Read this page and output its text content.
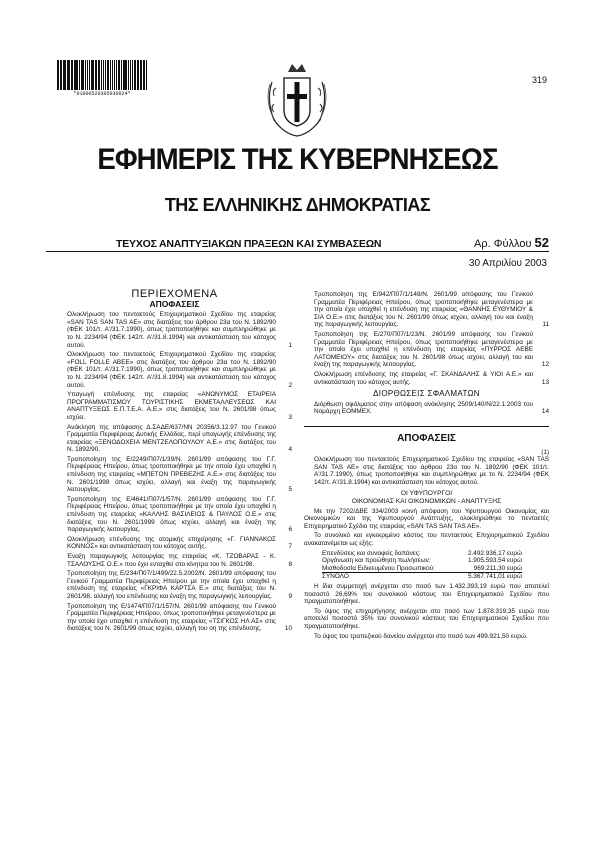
*01000520305030024*
319
ΕΦΗΜΕΡΙΣ ΤΗΣ ΚΥΒΕΡΝΗΣΕΩΣ
ΤΗΣ ΕΛΛΗΝΙΚΗΣ ΔΗΜΟΚΡΑΤΙΑΣ
ΤΕΥΧΟΣ ΑΝΑΠΤΥΞΙΑΚΩΝ ΠΡΑΞΕΩΝ ΚΑΙ ΣΥΜΒΑΣΕΩΝ	Αρ. Φύλλου 52
30 Απριλίου 2003
ΠΕΡΙΕΧΟΜΕΝΑ
ΑΠΟΦΑΣΕΙΣ
Ολοκλήρωση του πενταετούς Επιχειρηματικού Σχεδίου της εταιρείας «SAN TAS SAN TAS AE» στις διατάξεις του άρθρου 23α του Ν. 1892/90 (ΦΕΚ 101/τ. Α'/31.7.1990), όπως τροποποιήθηκε και συμπληρώθηκε με το Ν. 2234/94 (ΦΕΚ 142/τ. Α'/31.8.1994) και αντικατάσταση του κάτοχος αυτού.	1
Ολοκλήρωση του πενταετούς Επιχειρηματικού Σχεδίου της εταιρείας «FOLL FOLLE ABEE» στις διατάξεις του άρθρου 23α του Ν. 1892/90 (ΦΕΚ 101/τ. Α'/31.7.1990), όπως τροποποιήθηκε και συμπληρώθηκε με το Ν. 2234/94 (ΦΕΚ 142/τ. Α'/31.8.1994) και αντικατάσταση του κάτοχος αυτού.	2
Υπαγωγή επένδυσης της εταιρείας «ΑΝΩΝΥΜΟΣ ΕΤΑΙΡΕΙΑ ΠΡΟΓΡΑΜΜΑΤΙΣΜΟΥ ΤΟΥΡΙΣΤΙΚΗΣ ΕΚΜΕΤΑΛΛΕΥΣΕΩΣ ΚΑΙ ΑΝΑΠΤΥΞΕΩΣ Ε.Π.Τ.Ε.Α. Α.Ε.» στις διατάξεις του Ν. 2601/98 όπως ισχύει.	3
Ανάκληση της απόφασης Δ.ΣΑΔΕ/637/ΝΝ 20356/3.12.97 του Γενικού Γραμματέα Περιφέρειας Δυτικής Ελλάδας, περί υπαγωγής επένδυσης της εταιρείας «ΞΕΝΟΔΟΧΕΙΑ ΜΕΝΤΖΕΛΟΠΟΥΛΟΥ Α.Ε.» στις διατάξεις του Ν. 1892/90.	4
Τροποποίηση της Ε/2249/Π07/1/39/Ν. 2601/99 απόφασης του Γ.Γ. Περιφέρειας Ηπείρου, όπως τροποποιήθηκε με την οποία έχει υπαχθεί η επένδυση της εταιρείας «ΜΠΕΤΟΝ ΠΡΕΒΕΖΗΣ Α.Ε.» στις διατάξεις του Ν. 2601/1998 όπως ισχύει, αλλαγή και έναξη της παραγωγικής λειτουργίας.	5
Τροποποίηση της Ε/4641/Π07/1/57/Ν. 2601/99 απόφασης του Γ.Γ. Περιφέρειας Ηπείρου, όπως τροποποιήθηκε με την οποία έχει υπαχθεί η επένδυση της εταιρείας «ΚΑΛΛΗΣ ΒΑΣΙΛΕΙΟΣ & ΠΑΥΛΟΣ Ο.Ε.» στις διατάξεις του Ν. 2601/1999 όπως ισχύει, αλλαγή και έναξη της παραγωγικής λειτουργίας.	6
Ολοκλήρωση επένδυσης της ατομικής επιχείρησης «Γ. ΓΙΑΝΝΑΚΟΣ ΚΟΝΝΟΣ» και αντικατάσταση του κάτοχος αυτής.	7
Έναξη παραγωγικής λειτουργίας της εταιρείας «Κ. ΤΖΟΒΑΡΑΣ - Κ. ΤΣΑΛΟΥΣΗΣ Ο.Ε.» που έχει ενταχθεί στο κίνητρα του Ν. 2601/98.	8
Τροποποίηση της Ε/234/Π07/1/499/22.5.2002/Ν. 2601/99 απόφασης του Γενικού Γραμματέα Περιφέρειας Ηπείρου με την οποία έχει υπαχθεί η επένδυση της εταιρείας «ΓΚΡΙΦΑ ΚΑΡΤΣΑ Ε.» στις διατάξεις του Ν. 2601/98, αλλαγή του επένδυσης και έναξη της παραγωγικής λειτουργίας.	9
Τροποποίηση της Ε/1474/Π07/1/157/Ν. 2601/99 απόφασης του Γενικού Γραμματέα Περιφέρειας Ηπείρου, όπως τροποποιήθηκε μεταγενέστερα με την οποία έχει υπαχθεί η επένδυση της εταιρείας «ΤΣΙΓΚΟΣ ΗΛ ΑΣ» στις διατάξεις του Ν. 2601/99 όπως ισχύει, αλλαγή του οη της επένδυσης.	10
Τροποποίηση της Ε/942/Π07/1/148/Ν. 2601/99 απόφασης του Γενικού Γραμματέα Περιφέρειας Ηπείρου, όπως τροποποιήθηκε μεταγενέστερα με την οποία έχει υπαχθεί η επένδυση της εταιρείας «ΘΑΝΝΗΣ ΕΥΘΥΜΙΟΥ & ΣΙΑ Ο.Ε.» στις διατάξεις του Ν. 2601/99 όπως ισχύει, αλλαγή του και έναξη της παραγωγικής λειτουργίας.	11
Τροποποίηση της Ε/270/Π07/1/23/Ν. 2601/99 απόφασης του Γενικού Γραμματέα Περιφέρειας Ηπείρου, όπως τροποποιήθηκε μεταγενέστερα με την οποία έχει υπαχθεί η επένδυση της εταιρείας «ΠΥΡΡΟΣ ΑΕΒΕ ΛΑΤΟΜΕΙΟΥ» στις διατάξεις του Ν. 2601/98 όπως ισχύει, αλλαγή του και έναξη της παραγωγικής λειτουργίας.	12
Ολοκλήρωση επένδυσης της εταιρείας «Γ. ΣΚΑΝΔΑΛΗΣ & ΥΙΟΙ Α.Ε.» και αντικατάσταση του κάτοχος αυτής.	13
ΔΙΟΡΘΩΣΕΙΣ ΣΦΑΛΜΑΤΩΝ
Διόρθωση σφάλματος στην απόφαση ανάκλησης 2509/140/Ν/22.1.2003 του Νομάρχη ΕΟΜΜΕΧ.	14
ΑΠΟΦΑΣΕΙΣ
(1)
Ολοκλήρωση του πενταετούς Επιχειρηματικού Σχεδίου της εταιρείας «SAN TAS SAN TAS AE» στις διατάξεις του άρθρου 23α του Ν. 1892/90 (ΦΕΚ 101/τ. Α'/31.7.1990), όπως τροποποιήθηκε και συμπληρώθηκε με το Ν. 2234/94 (ΦΕΚ 142/τ. Α'/31.8.1994) και αντικατάσταση του κάτοχος αυτού.
ΟΙ ΥΦΥΠΟΥΡΓΟΙ
ΟΙΚΟΝΟΜΙΑΣ ΚΑΙ ΟΙΚΟΝΟΜΙΚΩΝ - ΑΝΑΠΤΥΞΗΣ
Με την 7202/ΔΒΕ 334/2003 κοινή απόφαση του Υφυπουργού Οικονομίας και Οικονομικών και της Υφυπουργού Ανάπτυξης, ολοκληρώθηκε το πενταετές Επιχειρηματικό Σχέδιο της εταιρείας «SAN TAS SAN TAS AE».
Το συνολικό και εγκεκριμένο κόστος του πενταετούς Επιχειρηματικού Σχεδίου ανακατανέμεται ως εξής:
Επενδύσεις και συναφείς δαπάνες:	2.492.936,17 ευρώ
Οργάνωση και προώθηση πωλήσεων:	1.905.593,54 ευρώ
Μισθοδοσία Ειδικευμένου Προσωπικού:	969.211,30 ευρώ
ΣΥΝΟΛΟ	5.367.741,01 ευρώ
Η ίδια συμμετοχή ανέρχεται στο ποσό των 1.432.393,19 ευρώ που αποτελεί ποσοστό 26,69% του συνολικού κόστους του Επιχειρηματικού Σχεδίου που πραγματοποιήθηκε.
Το ύψος της επιχορήγησης ανέρχεται στο ποσό των 1.878.319,35 ευρώ που αποτελεί ποσοστό 35% του συνολικού κόστους του Επιχειρηματικού Σχεδίου που πραγματοποιήθηκε.
Το ύψος του τραπεζικού δανείου ανέρχεται στο ποσό των 499.921,50 ευρώ.
